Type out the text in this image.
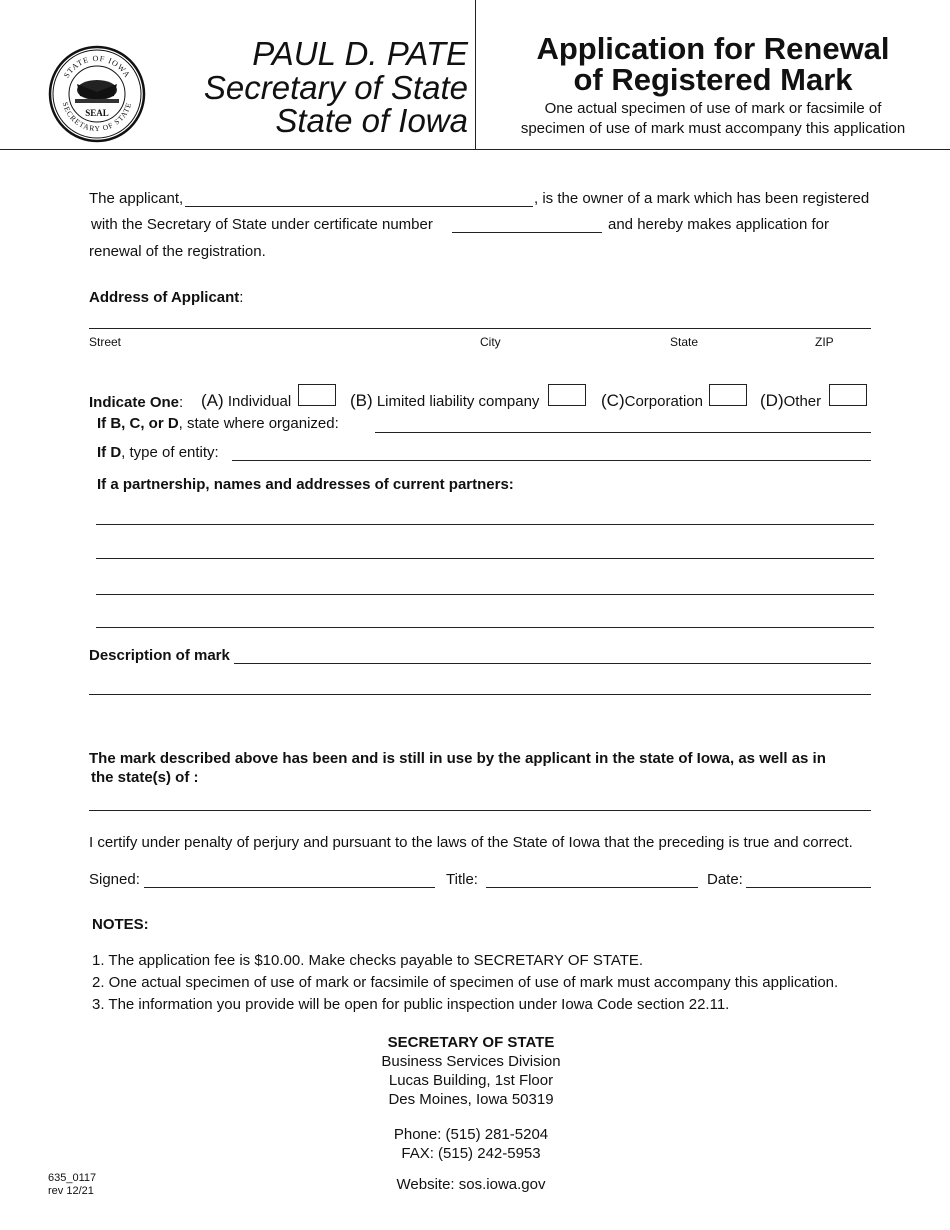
STATE OF IOWA
SECRETARY OF STATE
SEAL
PAUL D. PATE
Secretary of State
State of Iowa
Application for Renewal
of Registered Mark
One actual specimen of use of mark or facsimile of
specimen of use of mark must accompany this application
The applicant,	, is the owner of a mark which has been registered
with the Secretary of State under certificate number	and hereby makes application for
renewal of the registration.
Address of Applicant:
Street	City	State	ZIP
Indicate One: (A) Individual	(B) Limited liability company	(C)Corporation	(D)Other
If B, C, or D, state where organized:
If D, type of entity:
If a partnership, names and addresses of current partners:
Description of mark
The mark described above has been and is still in use by the applicant in the state of Iowa, as well as in
the state(s) of :
I certify under penalty of perjury and pursuant to the laws of the State of Iowa that the preceding is true and correct.
Signed:	Title:	Date:
NOTES:
1. The application fee is $10.00. Make checks payable to SECRETARY OF STATE.
2. One actual specimen of use of mark or facsimile of specimen of use of mark must accompany this application.
3. The information you provide will be open for public inspection under Iowa Code section 22.11.
SECRETARY OF STATE
Business Services Division
Lucas Building, 1st Floor
Des Moines, Iowa 50319
Phone: (515) 281-5204
FAX: (515) 242-5953
Website: sos.iowa.gov
635_0117
rev 12/21
